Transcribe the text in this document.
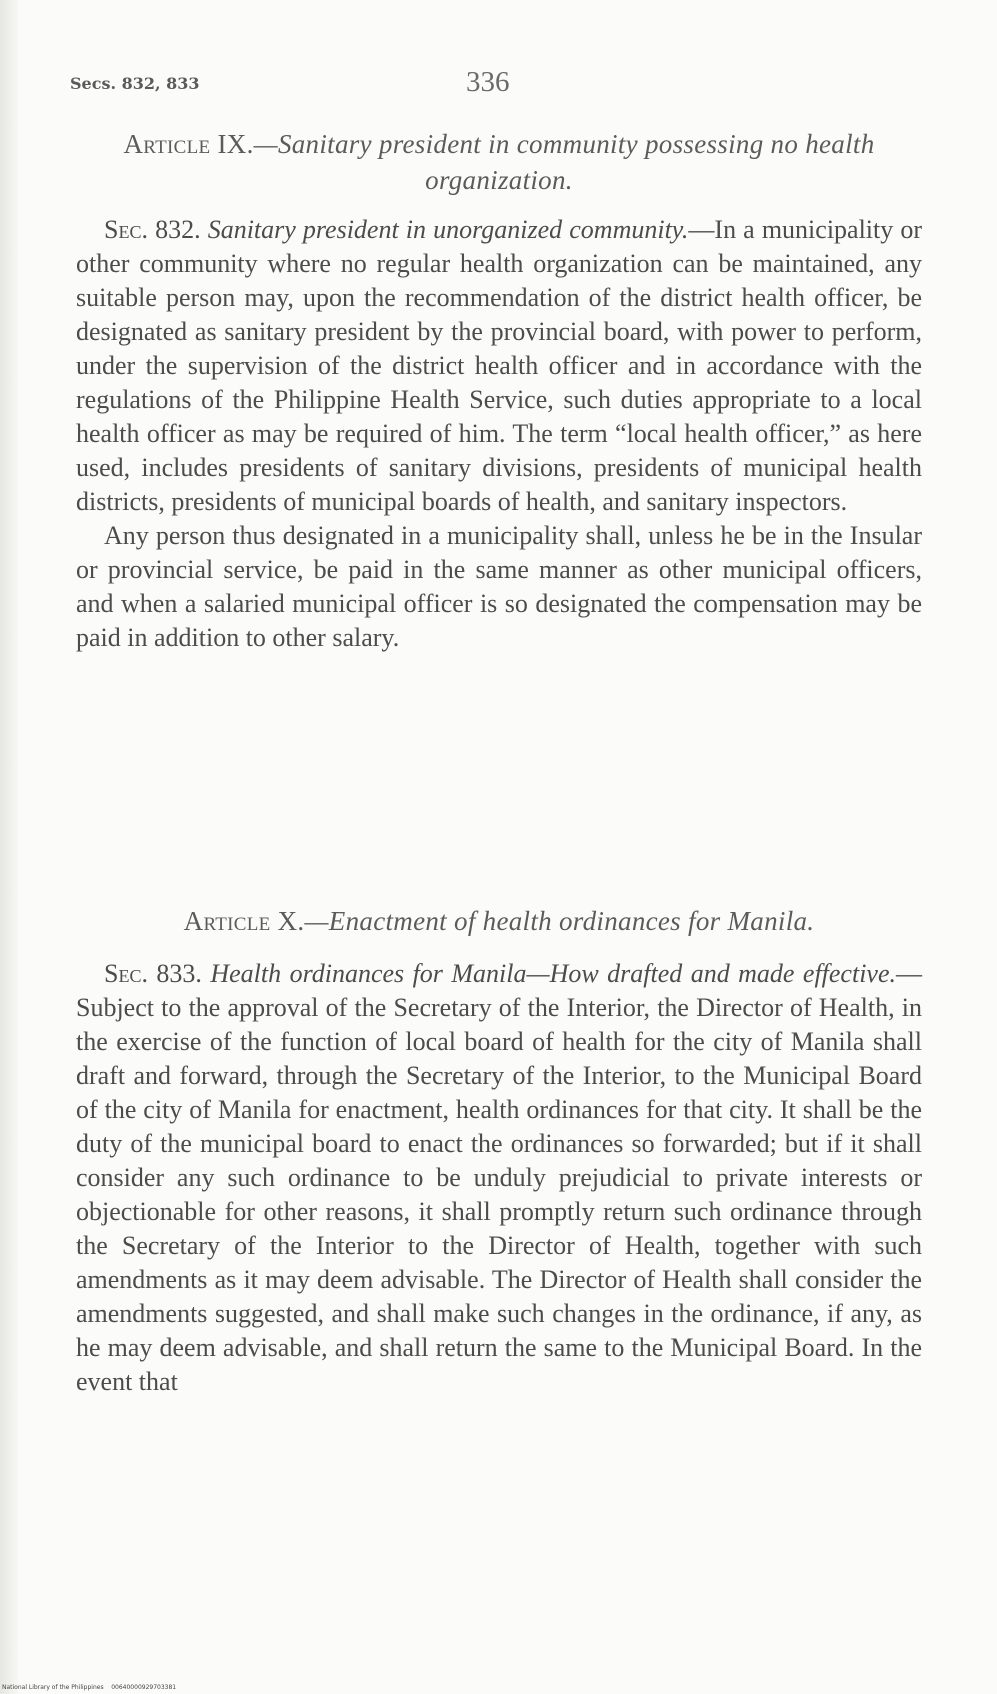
Secs. 832, 833	336

Article IX.—Sanitary president in community possessing no health organization.

Sec. 832. Sanitary president in unorganized community.—In a municipality or other community where no regular health organization can be maintained, any suitable person may, upon the recommendation of the district health officer, be designated as sanitary president by the provincial board, with power to perform, under the supervision of the district health officer and in accordance with the regulations of the Philippine Health Service, such duties appropriate to a local health officer as may be required of him. The term “local health officer,” as here used, includes presidents of sanitary divisions, presidents of municipal health districts, presidents of municipal boards of health, and sanitary inspectors.

Any person thus designated in a municipality shall, unless he be in the Insular or provincial service, be paid in the same manner as other municipal officers, and when a salaried municipal officer is so designated the compensation may be paid in addition to other salary.

Article X.—Enactment of health ordinances for Manila.

Sec. 833. Health ordinances for Manila—How drafted and made effective.—Subject to the approval of the Secretary of the Interior, the Director of Health, in the exercise of the function of local board of health for the city of Manila shall draft and forward, through the Secretary of the Interior, to the Municipal Board of the city of Manila for enactment, health ordinances for that city. It shall be the duty of the municipal board to enact the ordinances so forwarded; but if it shall consider any such ordinance to be unduly prejudicial to private interests or objectionable for other reasons, it shall promptly return such ordinance through the Secretary of the Interior to the Director of Health, together with such amendments as it may deem advisable. The Director of Health shall consider the amendments suggested, and shall make such changes in the ordinance, if any, as he may deem advisable, and shall return the same to the Municipal Board. In the event that

National Library of the Philippines 00640000929703381
